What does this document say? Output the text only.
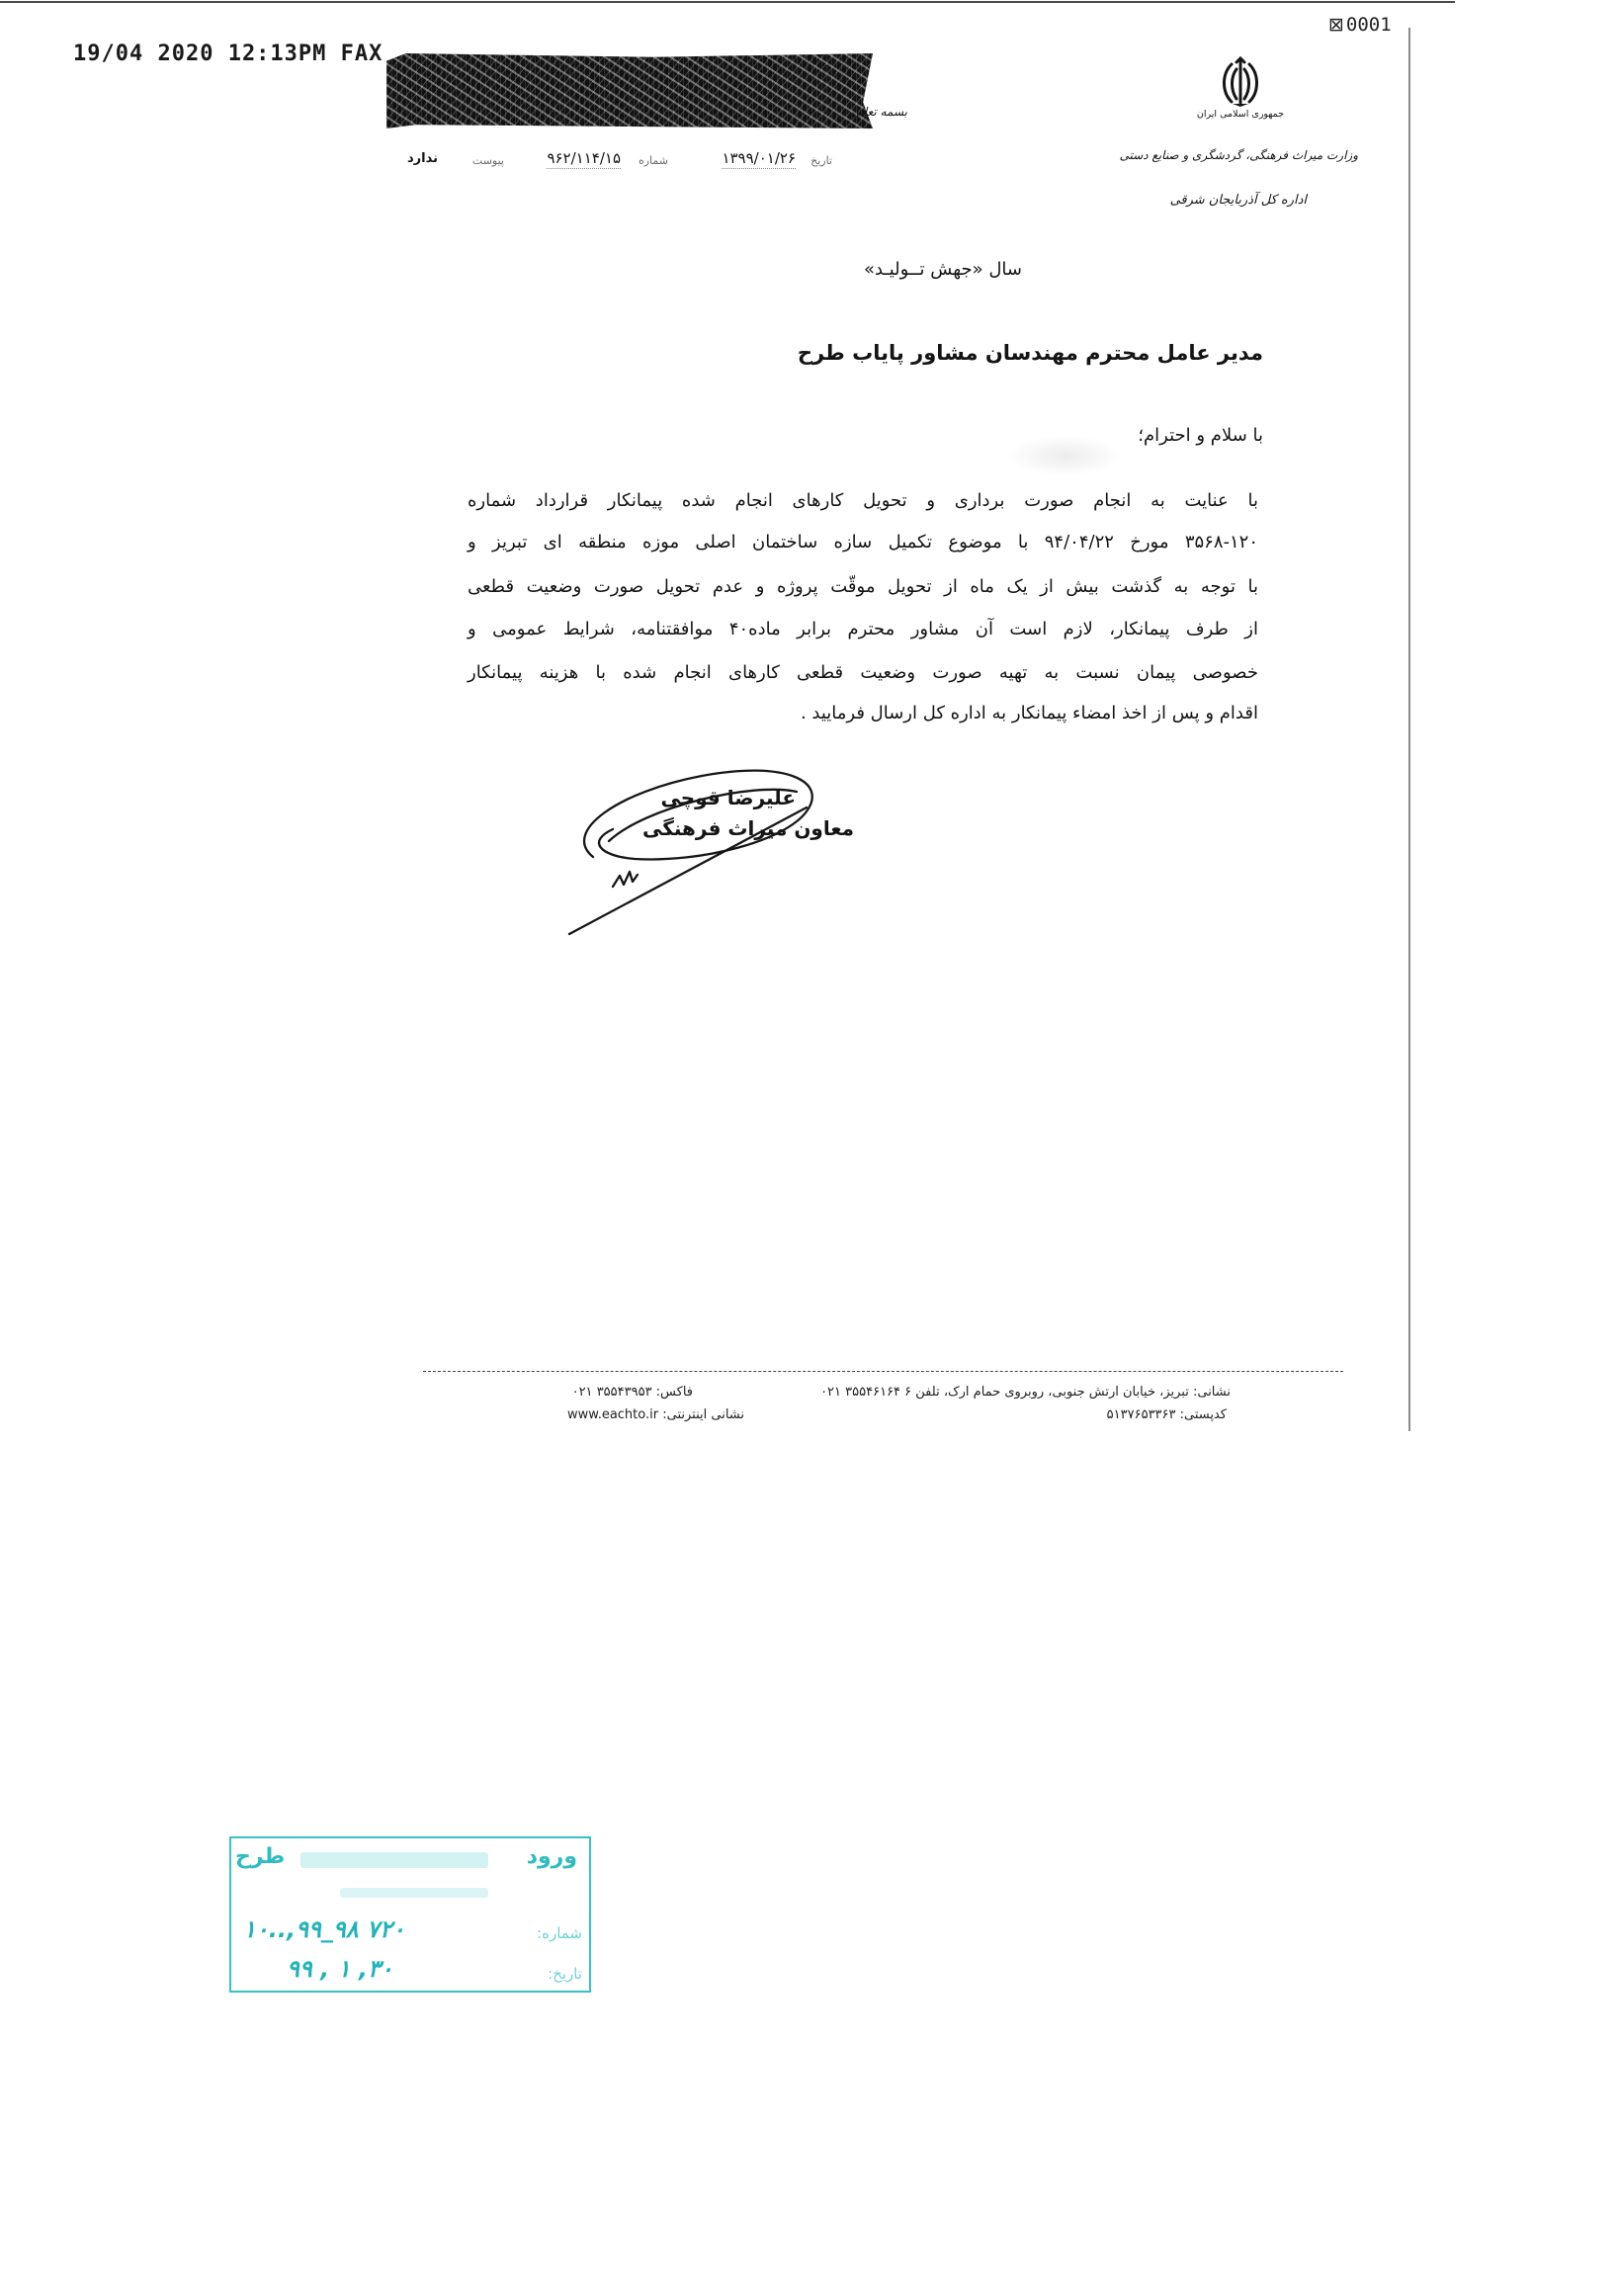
19/04 2020 12:13PM FAX
⊠ 0001
بسمه تعالی	جمهوری اسلامی ایران
وزارت میراث فرهنگی، گردشگری و صنایع دستی
اداره کل آذربایجان شرقی
تاریخ
۱۳۹۹/۰۱/۲۶
شماره
۹۶۲/۱۱۴/۱۵
پیوست
ندارد
سال «جهش تــولیـد»
مدیر عامل محترم مهندسان مشاور پایاب طرح
با سلام و احترام؛
با عنایت به انجام صورت برداری و تحویل کارهای انجام شده پیمانکار قرارداد شماره
۳۵۶۸-۱۲۰ مورخ ۹۴/۰۴/۲۲ با موضوع تکمیل سازه ساختمان اصلی موزه منطقه ای تبریز و
با توجه به گذشت بیش از یک ماه از تحویل موقّت پروژه و عدم تحویل صورت وضعیت قطعی
از طرف پیمانکار، لازم است آن مشاور محترم برابر ماده۴۰ موافقتنامه، شرایط عمومی و
خصوصی پیمان نسبت به تهیه صورت وضعیت قطعی کارهای انجام شده با هزینه پیمانکار
اقدام و پس از اخذ امضاء پیمانکار به اداره کل ارسال فرمایید .
علیرضا قوچی
معاون میراث فرهنگی
نشانی: تبریز، خیابان ارتش جنوبی، روبروی حمام ارک، تلفن ۶ ۳۵۵۴۶۱۶۴ ۰۲۱
فاکس: ۳۵۵۴۳۹۵۳ ۰۲۱
کدپستی: ۵۱۳۷۶۵۳۳۶۳
نشانی اینترنتی: www.eachto.ir
ورود
طرح
شماره:
۱۰..,۹۹_۹۸ ۷۲۰
تاریخ:
۹۹ , ۱ ,۳۰
